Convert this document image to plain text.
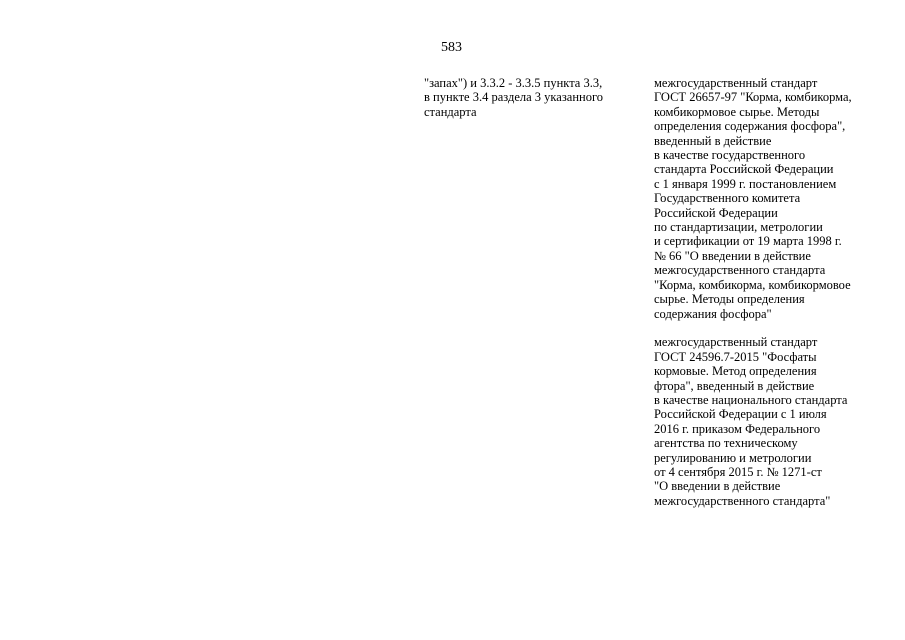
583
"запах") и 3.3.2 - 3.3.5 пункта 3.3,
в пункте 3.4 раздела 3 указанного
стандарта
межгосударственный стандарт
ГОСТ 26657-97 "Корма, комбикорма,
комбикормовое сырье. Методы
определения содержания фосфора",
введенный в действие
в качестве государственного
стандарта Российской Федерации
с 1 января 1999 г. постановлением
Государственного комитета
Российской Федерации
по стандартизации, метрологии
и сертификации от 19 марта 1998 г.
№ 66 "О введении в действие
межгосударственного стандарта
"Корма, комбикорма, комбикормовое
сырье. Методы определения
содержания фосфора"
межгосударственный стандарт
ГОСТ 24596.7-2015 "Фосфаты
кормовые. Метод определения
фтора", введенный в действие
в качестве национального стандарта
Российской Федерации с 1 июля
2016 г. приказом Федерального
агентства по техническому
регулированию и метрологии
от 4 сентября 2015 г. № 1271-ст
"О введении в действие
межгосударственного стандарта"
